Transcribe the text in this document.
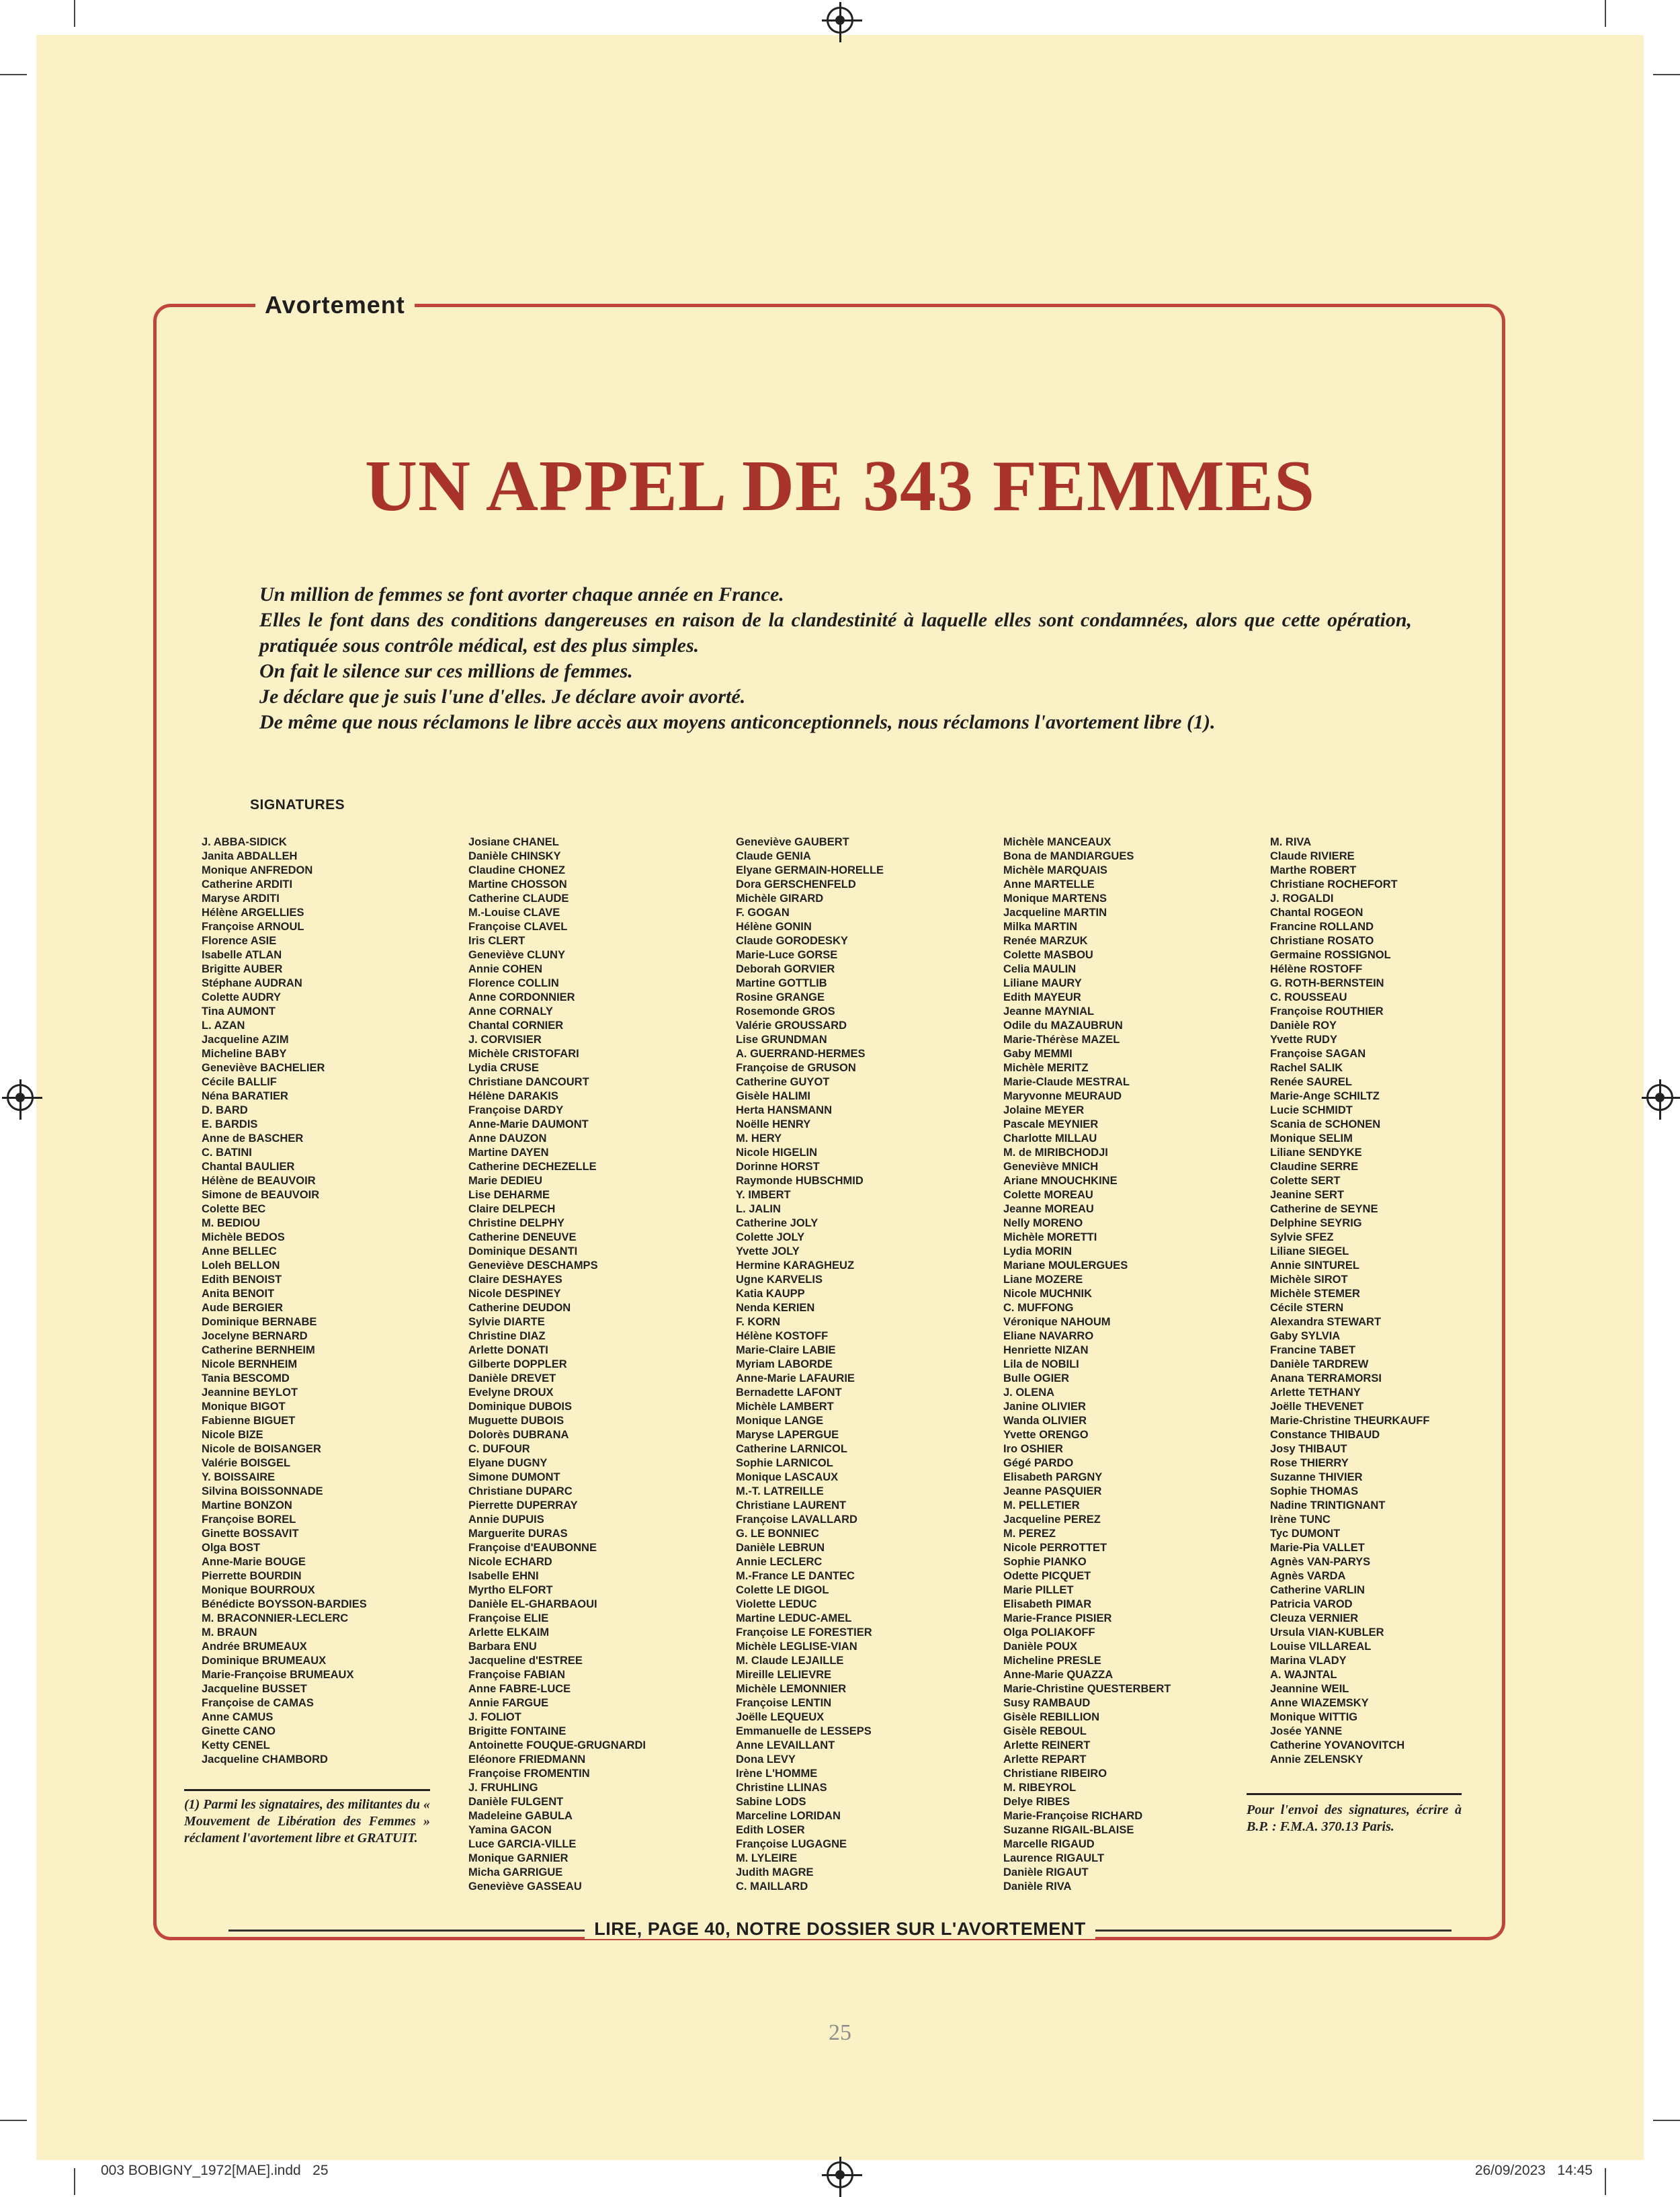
Avortement
UN APPEL DE 343 FEMMES

Un million de femmes se font avorter chaque année en France.

Elles le font dans des conditions dangereuses en raison de la clandestinité à laquelle elles sont condamnées, alors que cette opération, pratiquée sous contrôle médical, est des plus simples.

On fait le silence sur ces millions de femmes.

Je déclare que je suis l'une d'elles. Je déclare avoir avorté.

De même que nous réclamons le libre accès aux moyens anticonceptionnels, nous réclamons l'avortement libre (1).

SIGNATURES
J. ABBA-SIDICK
Janita ABDALLEH
Monique ANFREDON
Catherine ARDITI
Maryse ARDITI
Hélène ARGELLIES
Françoise ARNOUL
Florence ASIE
Isabelle ATLAN
Brigitte AUBER
Stéphane AUDRAN
Colette AUDRY
Tina AUMONT
L. AZAN
Jacqueline AZIM
Micheline BABY
Geneviève BACHELIER
Cécile BALLIF
Néna BARATIER
D. BARD
E. BARDIS
Anne de BASCHER
C. BATINI
Chantal BAULIER
Hélène de BEAUVOIR
Simone de BEAUVOIR
Colette BEC
M. BEDIOU
Michèle BEDOS
Anne BELLEC
Loleh BELLON
Edith BENOIST
Anita BENOIT
Aude BERGIER
Dominique BERNABE
Jocelyne BERNARD
Catherine BERNHEIM
Nicole BERNHEIM
Tania BESCOMD
Jeannine BEYLOT
Monique BIGOT
Fabienne BIGUET
Nicole BIZE
Nicole de BOISANGER
Valérie BOISGEL
Y. BOISSAIRE
Silvina BOISSONNADE
Martine BONZON
Françoise BOREL
Ginette BOSSAVIT
Olga BOST
Anne-Marie BOUGE
Pierrette BOURDIN
Monique BOURROUX
Bénédicte BOYSSON-BARDIES
M. BRACONNIER-LECLERC
M. BRAUN
Andrée BRUMEAUX
Dominique BRUMEAUX
Marie-Françoise BRUMEAUX
Jacqueline BUSSET
Françoise de CAMAS
Anne CAMUS
Ginette CANO
Ketty CENEL
Jacqueline CHAMBORD
Josiane CHANEL
Danièle CHINSKY
Claudine CHONEZ
Martine CHOSSON
Catherine CLAUDE
M.-Louise CLAVE
Françoise CLAVEL
Iris CLERT
Geneviève CLUNY
Annie COHEN
Florence COLLIN
Anne CORDONNIER
Anne CORNALY
Chantal CORNIER
J. CORVISIER
Michèle CRISTOFARI
Lydia CRUSE
Christiane DANCOURT
Hélène DARAKIS
Françoise DARDY
Anne-Marie DAUMONT
Anne DAUZON
Martine DAYEN
Catherine DECHEZELLE
Marie DEDIEU
Lise DEHARME
Claire DELPECH
Christine DELPHY
Catherine DENEUVE
Dominique DESANTI
Geneviève DESCHAMPS
Claire DESHAYES
Nicole DESPINEY
Catherine DEUDON
Sylvie DIARTE
Christine DIAZ
Arlette DONATI
Gilberte DOPPLER
Danièle DREVET
Evelyne DROUX
Dominique DUBOIS
Muguette DUBOIS
Dolorès DUBRANA
C. DUFOUR
Elyane DUGNY
Simone DUMONT
Christiane DUPARC
Pierrette DUPERRAY
Annie DUPUIS
Marguerite DURAS
Françoise d'EAUBONNE
Nicole ECHARD
Isabelle EHNI
Myrtho ELFORT
Danièle EL-GHARBAOUI
Françoise ELIE
Arlette ELKAIM
Barbara ENU
Jacqueline d'ESTREE
Françoise FABIAN
Anne FABRE-LUCE
Annie FARGUE
J. FOLIOT
Brigitte FONTAINE
Antoinette FOUQUE-GRUGNARDI
Eléonore FRIEDMANN
Françoise FROMENTIN
J. FRUHLING
Danièle FULGENT
Madeleine GABULA
Yamina GACON
Luce GARCIA-VILLE
Monique GARNIER
Micha GARRIGUE
Geneviève GASSEAU
Geneviève GAUBERT
Claude GENIA
Elyane GERMAIN-HORELLE
Dora GERSCHENFELD
Michèle GIRARD
F. GOGAN
Hélène GONIN
Claude GORODESKY
Marie-Luce GORSE
Deborah GORVIER
Martine GOTTLIB
Rosine GRANGE
Rosemonde GROS
Valérie GROUSSARD
Lise GRUNDMAN
A. GUERRAND-HERMES
Françoise de GRUSON
Catherine GUYOT
Gisèle HALIMI
Herta HANSMANN
Noëlle HENRY
M. HERY
Nicole HIGELIN
Dorinne HORST
Raymonde HUBSCHMID
Y. IMBERT
L. JALIN
Catherine JOLY
Colette JOLY
Yvette JOLY
Hermine KARAGHEUZ
Ugne KARVELIS
Katia KAUPP
Nenda KERIEN
F. KORN
Hélène KOSTOFF
Marie-Claire LABIE
Myriam LABORDE
Anne-Marie LAFAURIE
Bernadette LAFONT
Michèle LAMBERT
Monique LANGE
Maryse LAPERGUE
Catherine LARNICOL
Sophie LARNICOL
Monique LASCAUX
M.-T. LATREILLE
Christiane LAURENT
Françoise LAVALLARD
G. LE BONNIEC
Danièle LEBRUN
Annie LECLERC
M.-France LE DANTEC
Colette LE DIGOL
Violette LEDUC
Martine LEDUC-AMEL
Françoise LE FORESTIER
Michèle LEGLISE-VIAN
M. Claude LEJAILLE
Mireille LELIEVRE
Michèle LEMONNIER
Françoise LENTIN
Joëlle LEQUEUX
Emmanuelle de LESSEPS
Anne LEVAILLANT
Dona LEVY
Irène L'HOMME
Christine LLINAS
Sabine LODS
Marceline LORIDAN
Edith LOSER
Françoise LUGAGNE
M. LYLEIRE
Judith MAGRE
C. MAILLARD
Michèle MANCEAUX
Bona de MANDIARGUES
Michèle MARQUAIS
Anne MARTELLE
Monique MARTENS
Jacqueline MARTIN
Milka MARTIN
Renée MARZUK
Colette MASBOU
Celia MAULIN
Liliane MAURY
Edith MAYEUR
Jeanne MAYNIAL
Odile du MAZAUBRUN
Marie-Thérèse MAZEL
Gaby MEMMI
Michèle MERITZ
Marie-Claude MESTRAL
Maryvonne MEURAUD
Jolaine MEYER
Pascale MEYNIER
Charlotte MILLAU
M. de MIRIBCHODJI
Geneviève MNICH
Ariane MNOUCHKINE
Colette MOREAU
Jeanne MOREAU
Nelly MORENO
Michèle MORETTI
Lydia MORIN
Mariane MOULERGUES
Liane MOZERE
Nicole MUCHNIK
C. MUFFONG
Véronique NAHOUM
Eliane NAVARRO
Henriette NIZAN
Lila de NOBILI
Bulle OGIER
J. OLENA
Janine OLIVIER
Wanda OLIVIER
Yvette ORENGO
Iro OSHIER
Gégé PARDO
Elisabeth PARGNY
Jeanne PASQUIER
M. PELLETIER
Jacqueline PEREZ
M. PEREZ
Nicole PERROTTET
Sophie PIANKO
Odette PICQUET
Marie PILLET
Elisabeth PIMAR
Marie-France PISIER
Olga POLIAKOFF
Danièle POUX
Micheline PRESLE
Anne-Marie QUAZZA
Marie-Christine QUESTERBERT
Susy RAMBAUD
Gisèle REBILLION
Gisèle REBOUL
Arlette REINERT
Arlette REPART
Christiane RIBEIRO
M. RIBEYROL
Delye RIBES
Marie-Françoise RICHARD
Suzanne RIGAIL-BLAISE
Marcelle RIGAUD
Laurence RIGAULT
Danièle RIGAUT
Danièle RIVA
M. RIVA
Claude RIVIERE
Marthe ROBERT
Christiane ROCHEFORT
J. ROGALDI
Chantal ROGEON
Francine ROLLAND
Christiane ROSATO
Germaine ROSSIGNOL
Hélène ROSTOFF
G. ROTH-BERNSTEIN
C. ROUSSEAU
Françoise ROUTHIER
Danièle ROY
Yvette RUDY
Françoise SAGAN
Rachel SALIK
Renée SAUREL
Marie-Ange SCHILTZ
Lucie SCHMIDT
Scania de SCHONEN
Monique SELIM
Liliane SENDYKE
Claudine SERRE
Colette SERT
Jeanine SERT
Catherine de SEYNE
Delphine SEYRIG
Sylvie SFEZ
Liliane SIEGEL
Annie SINTUREL
Michèle SIROT
Michèle STEMER
Cécile STERN
Alexandra STEWART
Gaby SYLVIA
Francine TABET
Danièle TARDREW
Anana TERRAMORSI
Arlette TETHANY
Joëlle THEVENET
Marie-Christine THEURKAUFF
Constance THIBAUD
Josy THIBAUT
Rose THIERRY
Suzanne THIVIER
Sophie THOMAS
Nadine TRINTIGNANT
Irène TUNC
Tyc DUMONT
Marie-Pia VALLET
Agnès VAN-PARYS
Agnès VARDA
Catherine VARLIN
Patricia VAROD
Cleuza VERNIER
Ursula VIAN-KUBLER
Louise VILLAREAL
Marina VLADY
A. WAJNTAL
Jeannine WEIL
Anne WIAZEMSKY
Monique WITTIG
Josée YANNE
Catherine YOVANOVITCH
Annie ZELENSKY
(1) Parmi les signataires, des militantes du « Mouvement de Libération des Femmes » réclament l'avortement libre et GRATUIT.
Pour l'envoi des signatures, écrire à B.P. : F.M.A. 370.13 Paris.
LIRE, PAGE 40, NOTRE DOSSIER SUR L'AVORTEMENT
25
003 BOBIGNY_1972[MAE].indd   25	26/09/2023   14:45
